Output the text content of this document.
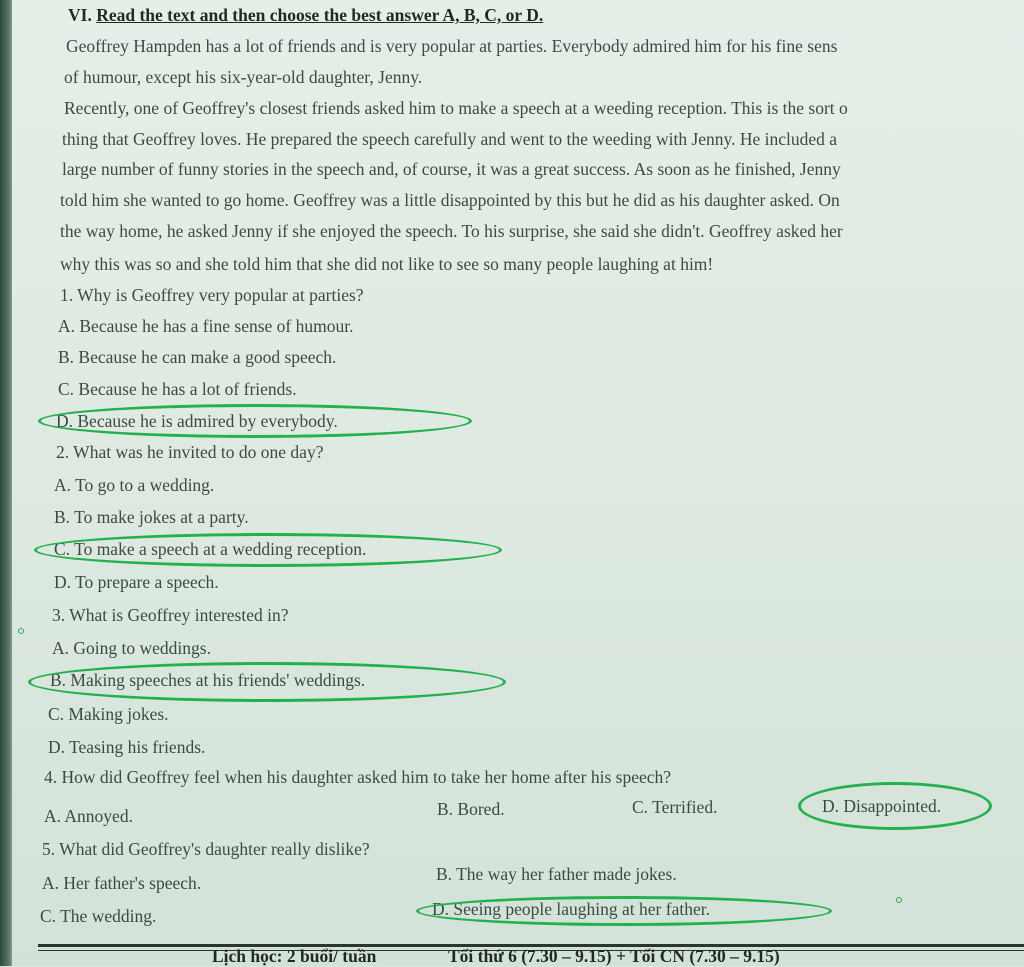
VI. Read the text and then choose the best answer A, B, C, or D.
Geoffrey Hampden has a lot of friends and is very popular at parties. Everybody admired him for his fine sens
of humour, except his six-year-old daughter, Jenny.
Recently, one of Geoffrey's closest friends asked him to make a speech at a weeding reception. This is the sort o
thing that Geoffrey loves. He prepared the speech carefully and went to the weeding with Jenny. He included a
large number of funny stories in the speech and, of course, it was a great success. As soon as he finished, Jenny
told him she wanted to go home. Geoffrey was a little disappointed by this but he did as his daughter asked. On
the way home, he asked Jenny if she enjoyed the speech. To his surprise, she said she didn't. Geoffrey asked her
why this was so and she told him that she did not like to see so many people laughing at him!
1. Why is Geoffrey very popular at parties?
A. Because he has a fine sense of humour.
B. Because he can make a good speech.
C. Because he has a lot of friends.
D. Because he is admired by everybody.
2. What was he invited to do one day?
A. To go to a wedding.
B. To make jokes at a party.
C. To make a speech at a wedding reception.
D. To prepare a speech.
3. What is Geoffrey interested in?
A. Going to weddings.
B. Making speeches at his friends' weddings.
C. Making jokes.
D. Teasing his friends.
4. How did Geoffrey feel when his daughter asked him to take her home after his speech?
A. Annoyed.	B. Bored.	C. Terrified.	D. Disappointed.
5. What did Geoffrey's daughter really dislike?
A. Her father's speech.	B. The way her father made jokes.
C. The wedding.	D. Seeing people laughing at her father.
Lịch học: 2 buổi/ tuần	Tối thứ 6 (7.30 – 9.15) + Tối CN (7.30 – 9.15)
